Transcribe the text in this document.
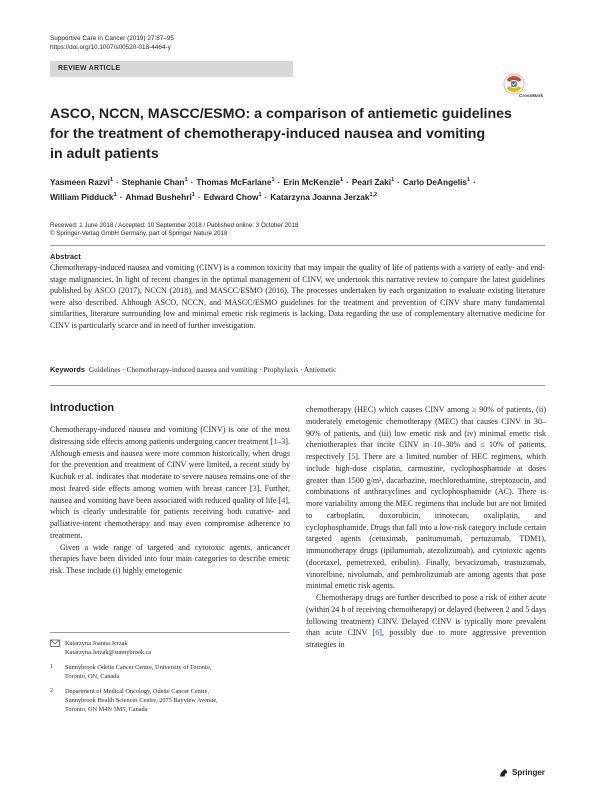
Supportive Care in Cancer (2019) 27:87–95
https://doi.org/10.1007/s00520-018-4464-y
REVIEW ARTICLE
CrossMark
ASCO, NCCN, MASCC/ESMO: a comparison of antiemetic guidelines
for the treatment of chemotherapy-induced nausea and vomiting
in adult patients
Yasmeen Razvi$^1$ · Stephanie Chan$^1$ · Thomas McFarlane$^1$ · Erin McKenzie$^1$ · Pearl Zaki$^1$ · Carlo DeAngelis$^1$ ·
William Pidduck$^1$ · Ahmad Bushehri$^1$ · Edward Chow$^1$ · Katarzyna Joanna Jerzak$^{1,2}$
Received: 1 June 2018 / Accepted: 10 September 2018 / Published online: 3 October 2018
© Springer-Verlag GmbH Germany, part of Springer Nature 2018
Abstract
Chemotherapy-induced nausea and vomiting (CINV) is a common toxicity that may impair the quality of life of patients with a variety of early- and end-stage malignancies. In light of recent changes in the optimal management of CINV, we undertook this narrative review to compare the latest guidelines published by ASCO (2017), NCCN (2018), and MASCC/ESMO (2016). The processes undertaken by each organization to evaluate existing literature were also described. Although ASCO, NCCN, and MASCC/ESMO guidelines for the treatment and prevention of CINV share many fundamental similarities, literature surrounding low and minimal emetic risk regimens is lacking. Data regarding the use of complementary alternative medicine for CINV is particularly scarce and in need of further investigation.
Keywords Guidelines · Chemotherapy-induced nausea and vomiting · Prophylaxis · Antiemetic
Introduction

Chemotherapy-induced nausea and vomiting (CINV) is one of the most distressing side effects among patients undergoing cancer treatment [1–3]. Although emesis and nausea were more common historically, when drugs for the prevention and treatment of CINV were limited, a recent study by Kuchuk et al. indicates that moderate to severe nausea remains one of the most feared side effects among women with breast cancer [3]. Further, nausea and vomiting have been associated with reduced quality of life [4], which is clearly undesirable for patients receiving both curative- and palliative-intent chemotherapy and may even compromise adherence to treatment.

Given a wide range of targeted and cytotoxic agents, anticancer therapies have been divided into four main categories to describe emetic risk. These include (i) highly emetogenic

chemotherapy (HEC) which causes CINV among ≥ 90% of patients, (ii) moderately emetogenic chemotherapy (MEC) that causes CINV in 30–90% of patients, and (iii) low emetic risk and (iv) minimal emetic risk chemotherapies that incite CINV in 10–30% and ≤ 10% of patients, respectively [5]. There are a limited number of HEC regimens, which include high-dose cisplatin, carmustine, cyclophosphamide at doses greater than 1500 g/m², dacarbazine, mechlorethamine, streptozocin, and combinations of anthracyclines and cyclophosphamide (AC). There is more variability among the MEC regimens that include but are not limited to carboplatin, doxorubicin, irinotecan, oxaliplatin, and cyclophosphamide. Drugs that fall into a low-risk category include certain targeted agents (cetuximab, panitumumab, pertuzumab, TDM1), immunotherapy drugs (ipilumumab, atezolizumab), and cytotoxic agents (docetaxel, pemetrexed, eribulin). Finally, bevacizumab, trastuzumab, vinorelbine, nivolumab, and pembrolizumab are among agents that pose minimal emetic risk agents.

Chemotherapy drugs are further described to pose a risk of either acute (within 24 h of receiving chemotherapy) or delayed (between 2 and 5 days following treatment) CINV. Delayed CINV is typically more prevalent than acute CINV [6], possibly due to more aggressive prevention strategies in

Katarzyna Joanna Jerzak
Katarzyna.Jerzak@sunnybrook.ca
1	Sunnybrook Odette Cancer Centre, University of Toronto,
Toronto, ON, Canada
2	Department of Medical Oncology, Odette Cancer Centre,
Sunnybrook Health Sciences Centre, 2075 Bayview Avenue,
Toronto, ON M4N 3M5, Canada
Springer
